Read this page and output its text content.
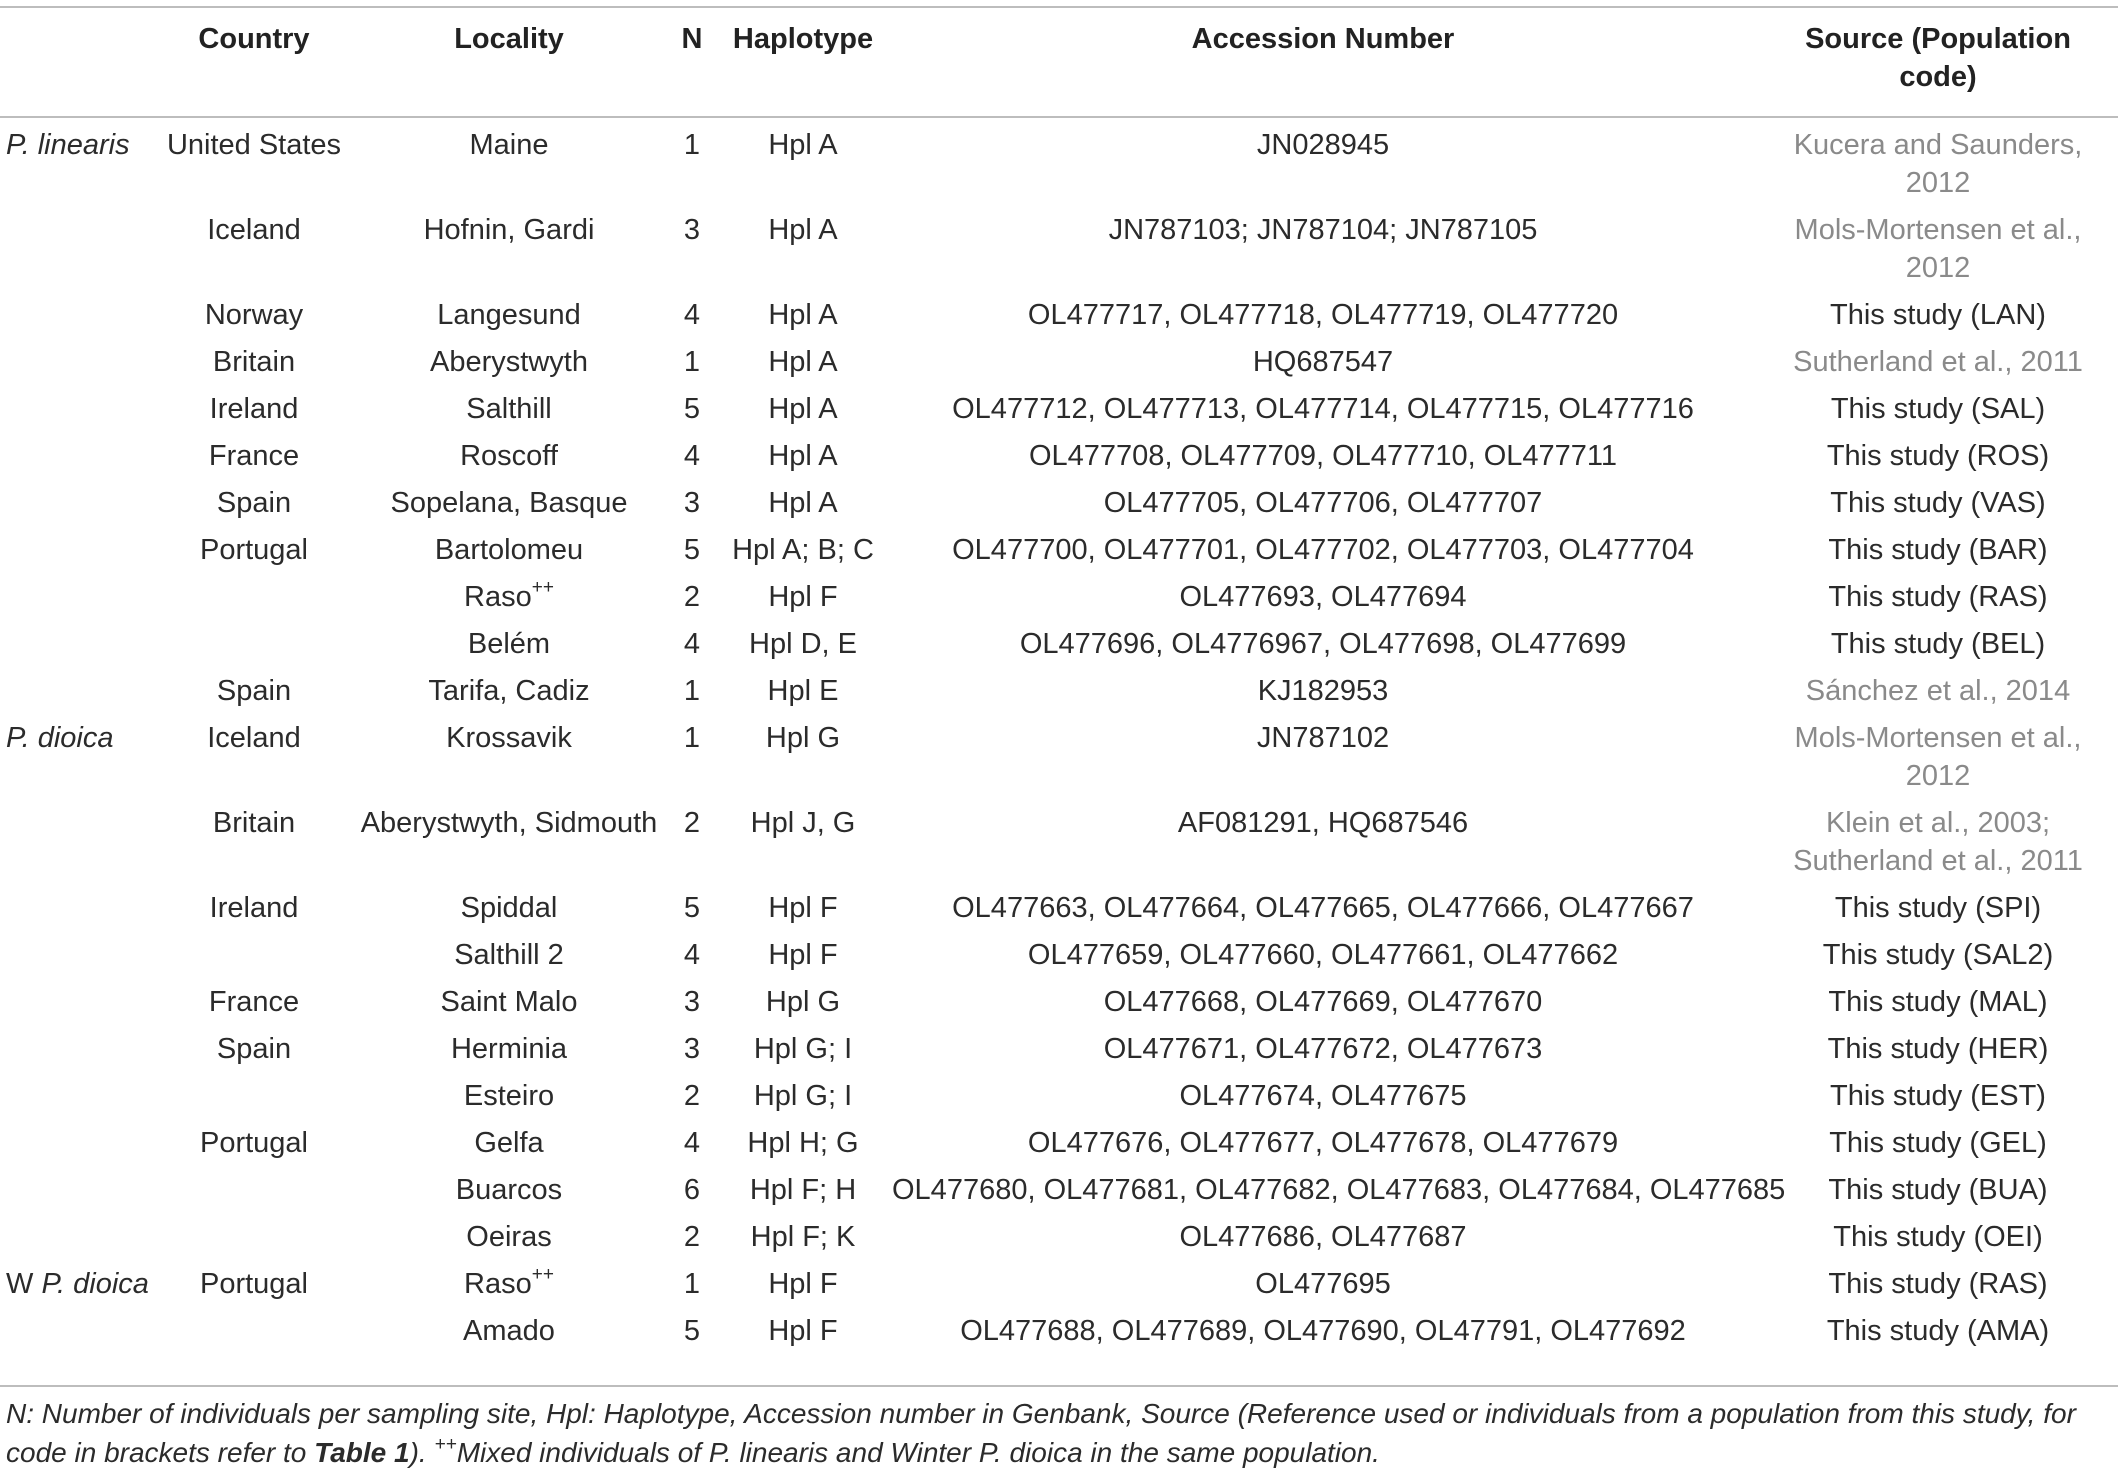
	Country	Locality	N	Haplotype	Accession Number	Source (Population code)
P. linearis	United States	Maine	1	Hpl A	JN028945	Kucera and Saunders, 2012
	Iceland	Hofnin, Gardi	3	Hpl A	JN787103; JN787104; JN787105	Mols-Mortensen et al., 2012
	Norway	Langesund	4	Hpl A	OL477717, OL477718, OL477719, OL477720	This study (LAN)
	Britain	Aberystwyth	1	Hpl A	HQ687547	Sutherland et al., 2011
	Ireland	Salthill	5	Hpl A	OL477712, OL477713, OL477714, OL477715, OL477716	This study (SAL)
	France	Roscoff	4	Hpl A	OL477708, OL477709, OL477710, OL477711	This study (ROS)
	Spain	Sopelana, Basque	3	Hpl A	OL477705, OL477706, OL477707	This study (VAS)
	Portugal	Bartolomeu	5	Hpl A; B; C	OL477700, OL477701, OL477702, OL477703, OL477704	This study (BAR)
		Raso++	2	Hpl F	OL477693, OL477694	This study (RAS)
		Belém	4	Hpl D, E	OL477696, OL4776967, OL477698, OL477699	This study (BEL)
	Spain	Tarifa, Cadiz	1	Hpl E	KJ182953	Sánchez et al., 2014
P. dioica	Iceland	Krossavik	1	Hpl G	JN787102	Mols-Mortensen et al., 2012
	Britain	Aberystwyth, Sidmouth	2	Hpl J, G	AF081291, HQ687546	Klein et al., 2003; Sutherland et al., 2011
	Ireland	Spiddal	5	Hpl F	OL477663, OL477664, OL477665, OL477666, OL477667	This study (SPI)
		Salthill 2	4	Hpl F	OL477659, OL477660, OL477661, OL477662	This study (SAL2)
	France	Saint Malo	3	Hpl G	OL477668, OL477669, OL477670	This study (MAL)
	Spain	Herminia	3	Hpl G; I	OL477671, OL477672, OL477673	This study (HER)
		Esteiro	2	Hpl G; I	OL477674, OL477675	This study (EST)
	Portugal	Gelfa	4	Hpl H; G	OL477676, OL477677, OL477678, OL477679	This study (GEL)
		Buarcos	6	Hpl F; H	OL477680, OL477681, OL477682, OL477683, OL477684, OL477685	This study (BUA)
		Oeiras	2	Hpl F; K	OL477686, OL477687	This study (OEI)
W P. dioica	Portugal	Raso++	1	Hpl F	OL477695	This study (RAS)
		Amado	5	Hpl F	OL477688, OL477689, OL477690, OL47791, OL477692	This study (AMA)
N: Number of individuals per sampling site, Hpl: Haplotype, Accession number in Genbank, Source (Reference used or individuals from a population from this study, for code in brackets refer to Table 1). ++Mixed individuals of P. linearis and Winter P. dioica in the same population.
